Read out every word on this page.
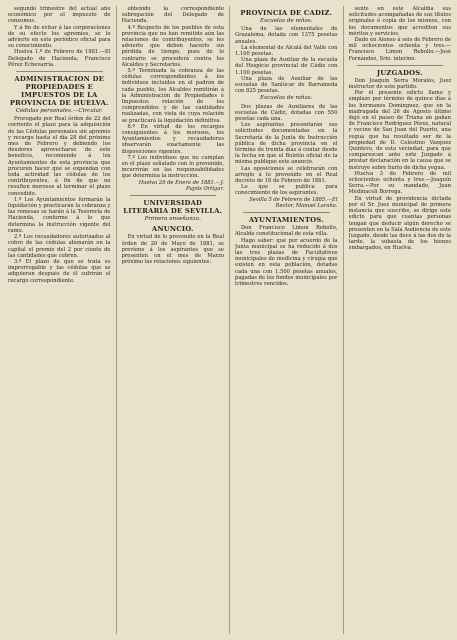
segundo trimestre del actual año económico por el impuesto de consumos.

Y á fin de evitar á las corporaciones de su efecto los apremios, se lo advierte en este periódico oficial para su conocimiento.

Huelva 1.º de Febrero de 1881.—El Delegado de Hacienda, Francisco Pérez Echevarría.

ADMINISTRACION DE PROPIEDADES E IMPUESTOS DE LA PROVINCIA DE HUELVA.
Cédulas personales.—Circular.

Prorogado por Real órden de 22 del corriente el plazo para la adquisición de las Cédulas personales sin apremio y recargo hasta el día 28 del próximo mes de Febrero y debiendo los deudores aprovecharse de este beneficio, recomiendo á los Ayuntamientos de esta provincia que procuren hacer que se expendan con toda actividad las cédulas de los contribuyentes, á fin de que no resulten morosos al terminar el plazo concedido.

1.º Los Ayuntamientos formarán la liquidación y practicarán la cobranza y las remesas se harán á la Tesorería de Hacienda, conforme á lo que determina la instrucción vigente del ramo.

2.º Los recaudadores autorizados al cobro de las cédulas abonarán en la capital el premio del 2 por ciento de las cantidades que cobren.

3.º El plazo de que se trata es improrrogable y las cédulas que se adquieran después de él sufrirán el recargo correspondiente.

obtenido la correspondiente subrogación del Delegado de Hacienda.

4.º Respecto de los pueblos de esta provincia que no han remitido aún las relaciones de contribuyentes, se les advierte que deben hacerlo sin pérdida de tiempo, pues de lo contrario se procederá contra los Alcaldes y Secretarios.

5.º Terminada la cobranza de las cédulas correspondientes á los individuos incluidos en el padrón de cada pueblo, los Alcaldes remitirán á la Administración de Propiedades é Impuestos relación de los comprendidos y de las cantidades realizadas, con vista de cuya relación se practicará la liquidación definitiva.

6.º En virtud de los recargos consiguientes á los morosos, los Ayuntamientos y recaudadores observarán exactamente las disposiciones vigentes.

7.º Los individuos que no cumplan en el plazo señalado con lo prevenido, incurrirán en las responsabilidades que determina la instrucción.

Huelva 29 de Enero de 1881.—J. Pujols Ortigar.
UNIVERSIDAD LITERARIA DE SEVILLA.
Primera enseñanza.
ANUNCIO.

En virtud de lo prevenido en la Real órden de 20 de Mayo de 1881, se previene á los aspirantes que se presenten en el mes de Marzo próximo las relaciones siguientes:

PROVINCIA DE CADIZ.
Escuelas de niños.

Una de las elementales de Grazalema, dotada con 1375 pesetas anuales.

La elemental de Alcalá del Valle con 1.100 pesetas.

Una plaza de Auxiliar de la escuela del Hospicio provincial de Cádiz con 1.100 pesetas.

Una plaza de Auxiliar de las escuelas de Sanlúcar de Barrameda con 825 pesetas.

Escuelas de niñas.

Dos plazas de Auxiliares de las escuelas de Cádiz, dotadas con 550 pesetas cada una.

Los aspirantes presentarán sus solicitudes documentadas en la Secretaría de la Junta de Instrucción pública de dicha provincia en el término de treinta días á contar desde la fecha en que el Boletín oficial de la misma publique este anuncio.

Las oposiciones se celebrarán con arreglo á lo prevenido en el Real decreto de 18 de Febrero de 1881.

Lo que se publica para conocimiento de los aspirantes.

Sevilla 5 de Febrero de 1885.—El Rector, Manuel Laraña.
AYUNTAMIENTOS.

Don Francisco Limon Rebollo, Alcalde constitucional de esta villa.

Hago saber: que por acuerdo de la Junta municipal se ha reducido á dos las tres plazas de Facultativos municipales de medicina y cirugía que existen en esta población, dotadas cada una con 1.500 pesetas anuales, pagadas de los fondos municipales por trimestres vencidos.

sente en este Alcaldía sus solicitudes acompañadas de sus títulos originales ó copia de los mismos, con los documentos que acrediten sus méritos y servicios.

Dado en Alonso á seis de Febrero de mil ochocientos ochenta y tres.—Francisco Limon Rebollo.—José Fernández, Srio. interino.

JUZGADOS.

Don Joaquín Serra Morales, Juez instructor de este partido.

Por el presente edicto llamo y emplazo por término de quince días á los hermanos Dominguez, que en la madrugada del 26 de Agosto último dejó en el paseo de Triana un gañan de Francisco Rodríguez Pérez, natural y vecino de San Juan del Puerto, una yegua que ha resultado ser de la propiedad de D. Celestino Vazquez Quintero, de esta vecindad, para que comparezcan ante este Juzgado á prestar declaración en la causa que se instruye sobre hurto de dicha yegua.

Huelva 3 de Febrero de mil ochocientos ochenta y tres.—Joaquín Serra.—Por su mandado, Juan Medinaceli Borrega.

En virtud de providencia dictada por el Sr. Juez municipal de primera instancia que suscribe, se dirige este edicto para que cuantas personas tengan que deducir algún derecho se presenten en la Sala Audiencia de este Juzgado, desde las doce á las dos de la tarde, la subasta de los bienes embargados, en Huelva.
